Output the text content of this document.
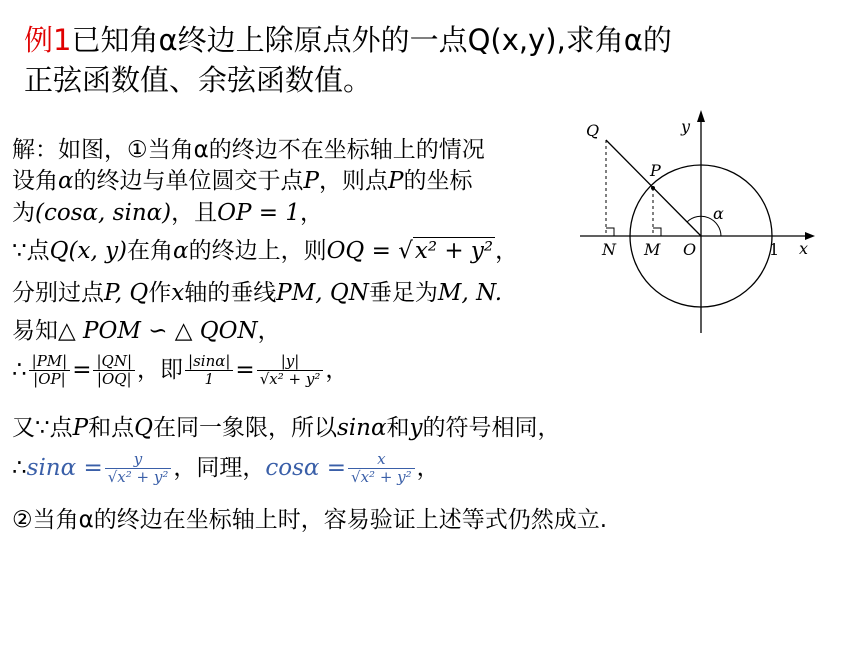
例1已知角α终边上除原点外的一点Q(x,y),求角α的
正弦函数值、余弦函数值。
解：如图，①当角α的终边不在坐标轴上的情况
设角α的终边与单位圆交于点P，则点P的坐标
为(cosα, sinα)，且OP = 1，
∵点Q(x, y)在角α的终边上，则OQ = √x² + y²，
分别过点P, Q作x轴的垂线PM, QN垂足为M, N.
易知△ POM ∽ △ QON，
∴ $\frac{|PM|}{|OP|} = \frac{|QN|}{|OQ|}$ ，即 $\frac{|\sin\alpha|}{1} = \frac{|y|}{\text{√x² + y²}}$ ，
又∵点P和点Q在同一象限，所以sinα和y的符号相同，
∴sinα = $\frac{y}{\text{√x² + y²}}$ ，同理，$\cos\alpha = \frac{x}{\text{√x² + y²}}$ ，
②当角α的终边在坐标轴上时，容易验证上述等式仍然成立.
Q
P
y
α
N M O	1 x
